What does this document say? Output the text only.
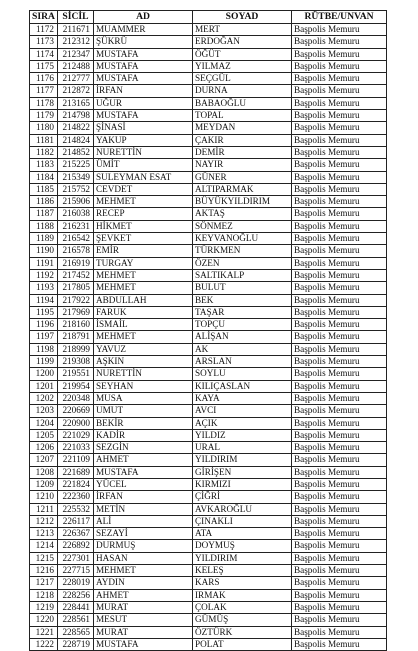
SIRA	SİCİL	AD	SOYAD	RÜTBE/UNVAN
1172	211671	MUAMMER	MERT	Başpolis Memuru
1173	212312	ŞÜKRÜ	ERDOĞAN	Başpolis Memuru
1174	212347	MUSTAFA	ÖĞÜT	Başpolis Memuru
1175	212488	MUSTAFA	YILMAZ	Başpolis Memuru
1176	212777	MUSTAFA	SEÇGÜL	Başpolis Memuru
1177	212872	İRFAN	DURNA	Başpolis Memuru
1178	213165	UĞUR	BABAOĞLU	Başpolis Memuru
1179	214798	MUSTAFA	TOPAL	Başpolis Memuru
1180	214822	ŞİNASİ	MEYDAN	Başpolis Memuru
1181	214824	YAKUP	ÇAKIR	Başpolis Memuru
1182	214852	NURETTİN	DEMİR	Başpolis Memuru
1183	215225	ÜMİT	NAYIR	Başpolis Memuru
1184	215349	SULEYMAN ESAT	GÜNER	Başpolis Memuru
1185	215752	CEVDET	ALTIPARMAK	Başpolis Memuru
1186	215906	MEHMET	BÜYÜKYILDIRIM	Başpolis Memuru
1187	216038	RECEP	AKTAŞ	Başpolis Memuru
1188	216231	HİKMET	SÖNMEZ	Başpolis Memuru
1189	216542	ŞEVKET	KEYVANOĞLU	Başpolis Memuru
1190	216578	EMİR	TÜRKMEN	Başpolis Memuru
1191	216919	TURGAY	ÖZEN	Başpolis Memuru
1192	217452	MEHMET	SALTIKALP	Başpolis Memuru
1193	217805	MEHMET	BULUT	Başpolis Memuru
1194	217922	ABDULLAH	BEK	Başpolis Memuru
1195	217969	FARUK	TAŞAR	Başpolis Memuru
1196	218160	İSMAİL	TOPÇU	Başpolis Memuru
1197	218791	MEHMET	ALİŞAN	Başpolis Memuru
1198	218999	YAVUZ	AK	Başpolis Memuru
1199	219308	AŞKIN	ARSLAN	Başpolis Memuru
1200	219551	NURETTİN	SOYLU	Başpolis Memuru
1201	219954	SEYHAN	KILIÇASLAN	Başpolis Memuru
1202	220348	MUSA	KAYA	Başpolis Memuru
1203	220669	UMUT	AVCI	Başpolis Memuru
1204	220900	BEKİR	AÇIK	Başpolis Memuru
1205	221029	KADİR	YILDIZ	Başpolis Memuru
1206	221033	SEZGİN	URAL	Başpolis Memuru
1207	221109	AHMET	YILDIRIM	Başpolis Memuru
1208	221689	MUSTAFA	GİRİŞEN	Başpolis Memuru
1209	221824	YÜCEL	KIRMIZI	Başpolis Memuru
1210	222360	İRFAN	ÇİĞRİ	Başpolis Memuru
1211	225532	METİN	AVKAROĞLU	Başpolis Memuru
1212	226117	ALİ	ÇINAKLI	Başpolis Memuru
1213	226367	SEZAYİ	ATA	Başpolis Memuru
1214	226892	DURMUŞ	DOYMUŞ	Başpolis Memuru
1215	227301	HASAN	YILDIRIM	Başpolis Memuru
1216	227715	MEHMET	KELEŞ	Başpolis Memuru
1217	228019	AYDIN	KARS	Başpolis Memuru
1218	228256	AHMET	IRMAK	Başpolis Memuru
1219	228441	MURAT	ÇOLAK	Başpolis Memuru
1220	228561	MESUT	GÜMÜŞ	Başpolis Memuru
1221	228565	MURAT	ÖZTÜRK	Başpolis Memuru
1222	228719	MUSTAFA	POLAT	Başpolis Memuru
